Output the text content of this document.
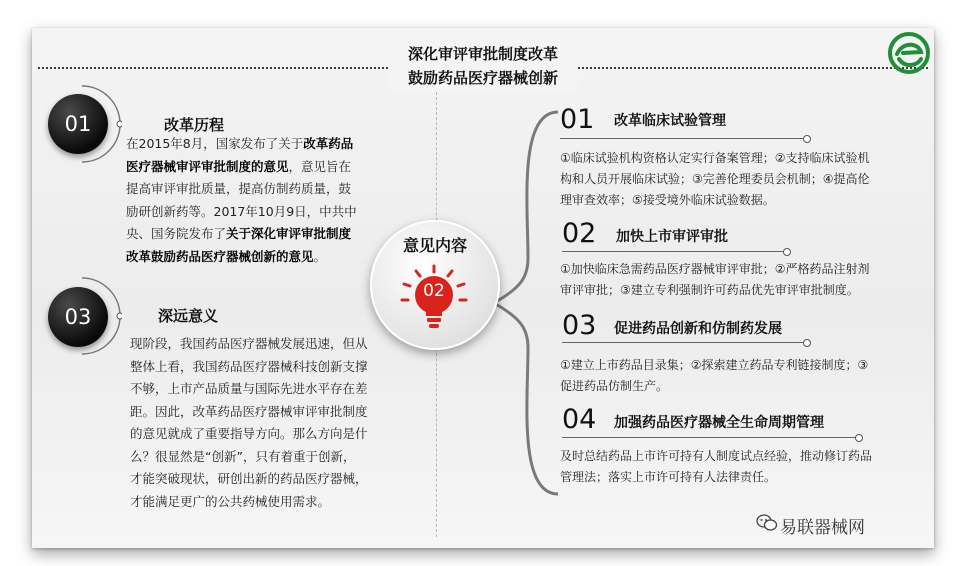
深化审评审批制度改革
鼓励药品医疗器械创新
01	改革历程
在2015年8月，国家发布了关于改革药品
医疗器械审评审批制度的意见，意见旨在
提高审评审批质量，提高仿制药质量，鼓
励研创新药等。2017年10月9日，中共中
央、国务院发布了关于深化审评审批制度
改革鼓励药品医疗器械创新的意见。
03	深远意义
现阶段，我国药品医疗器械发展迅速，但从
整体上看，我国药品医疗器械科技创新支撑
不够，上市产品质量与国际先进水平存在差
距。因此，改革药品医疗器械审评审批制度
的意见就成了重要指导方向。那么方向是什
么？很显然是“创新”，只有着重于创新，
才能突破现状，研创出新的药品医疗器械，
才能满足更广的公共药械使用需求。
意见内容
02
01 改革临床试验管理
①临床试验机构资格认定实行备案管理；②支持临床试验机
构和人员开展临床试验；③完善伦理委员会机制；④提高伦
理审查效率；⑤接受境外临床试验数据。
02 加快上市审评审批
①加快临床急需药品医疗器械审评审批；②严格药品注射剂
审评审批；③建立专利强制许可药品优先审评审批制度。
03 促进药品创新和仿制药发展
①建立上市药品目录集；②探索建立药品专利链接制度；③
促进药品仿制生产。
04 加强药品医疗器械全生命周期管理
及时总结药品上市许可持有人制度试点经验，推动修订药品
管理法；落实上市许可持有人法律责任。
易联器械网
